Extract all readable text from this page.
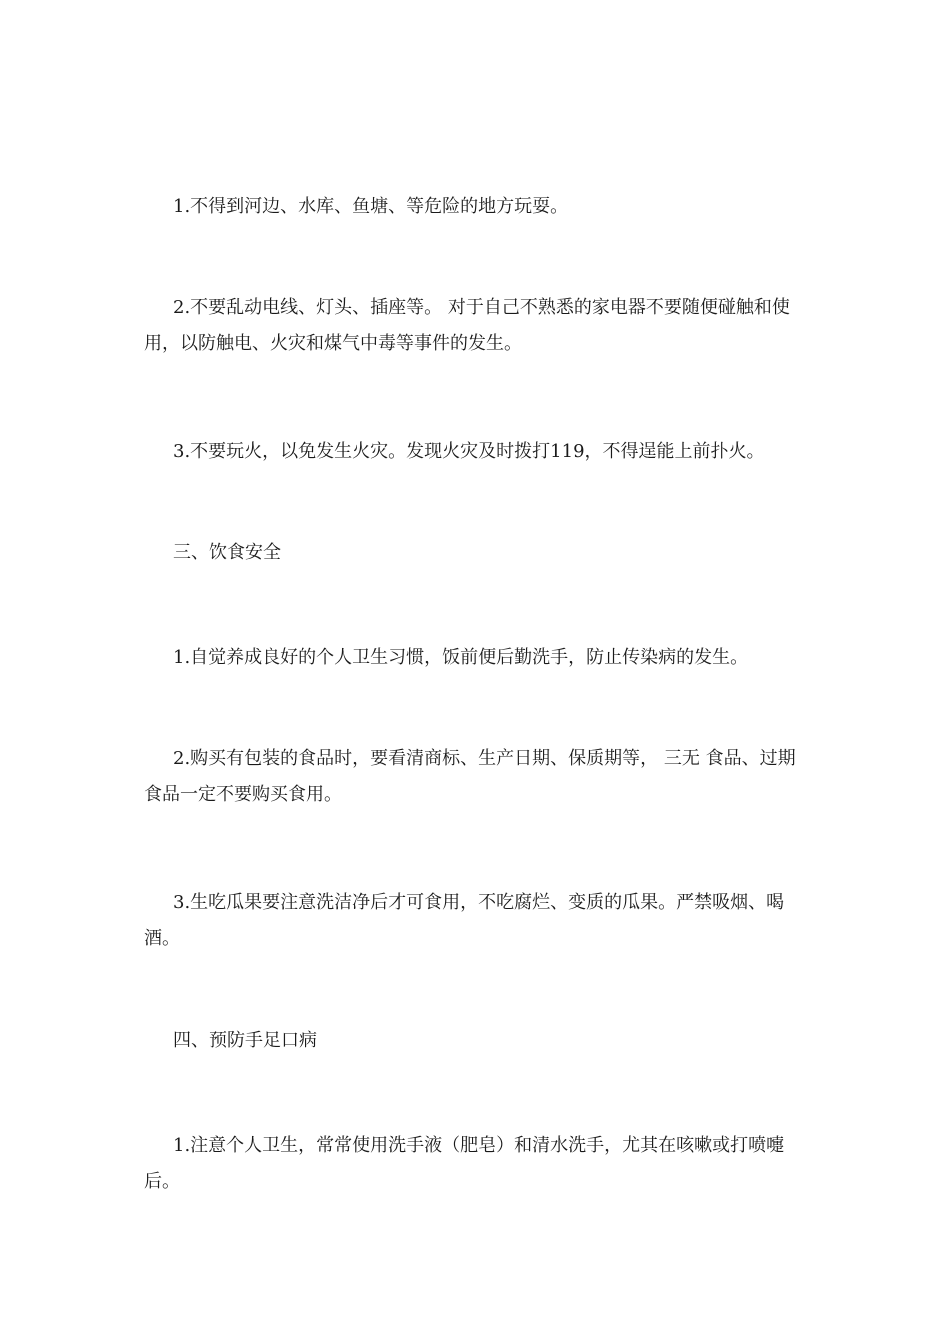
1.不得到河边、水库、鱼塘、等危险的地方玩耍。

2.不要乱动电线、灯头、插座等。 对于自己不熟悉的家电器不要随便碰触和使用，以防触电、火灾和煤气中毒等事件的发生。

3.不要玩火，以免发生火灾。发现火灾及时拨打119，不得逞能上前扑火。

三、饮食安全

1.自觉养成良好的个人卫生习惯，饭前便后勤洗手，防止传染病的发生。

2.购买有包装的食品时，要看清商标、生产日期、保质期等， 三无 食品、过期食品一定不要购买食用。

3.生吃瓜果要注意洗洁净后才可食用，不吃腐烂、变质的瓜果。严禁吸烟、喝酒。

四、预防手足口病

1.注意个人卫生，常常使用洗手液（肥皂）和清水洗手，尤其在咳嗽或打喷嚏后。
